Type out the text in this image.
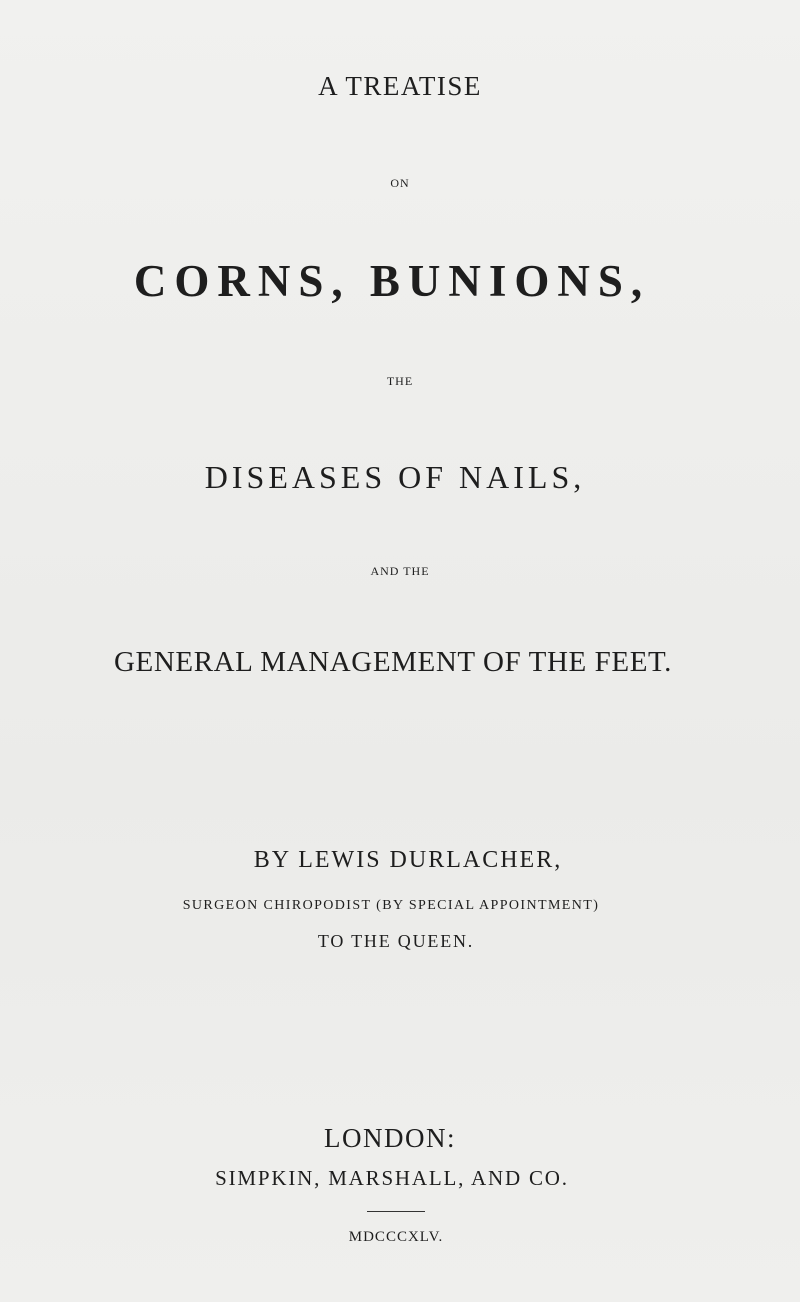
A TREATISE
ON
CORNS, BUNIONS,
THE
DISEASES OF NAILS,
AND THE
GENERAL MANAGEMENT OF THE FEET.
BY LEWIS DURLACHER,
SURGEON CHIROPODIST (BY SPECIAL APPOINTMENT)
TO THE QUEEN.
LONDON:
SIMPKIN, MARSHALL, AND CO.
MDCCCXLV.
